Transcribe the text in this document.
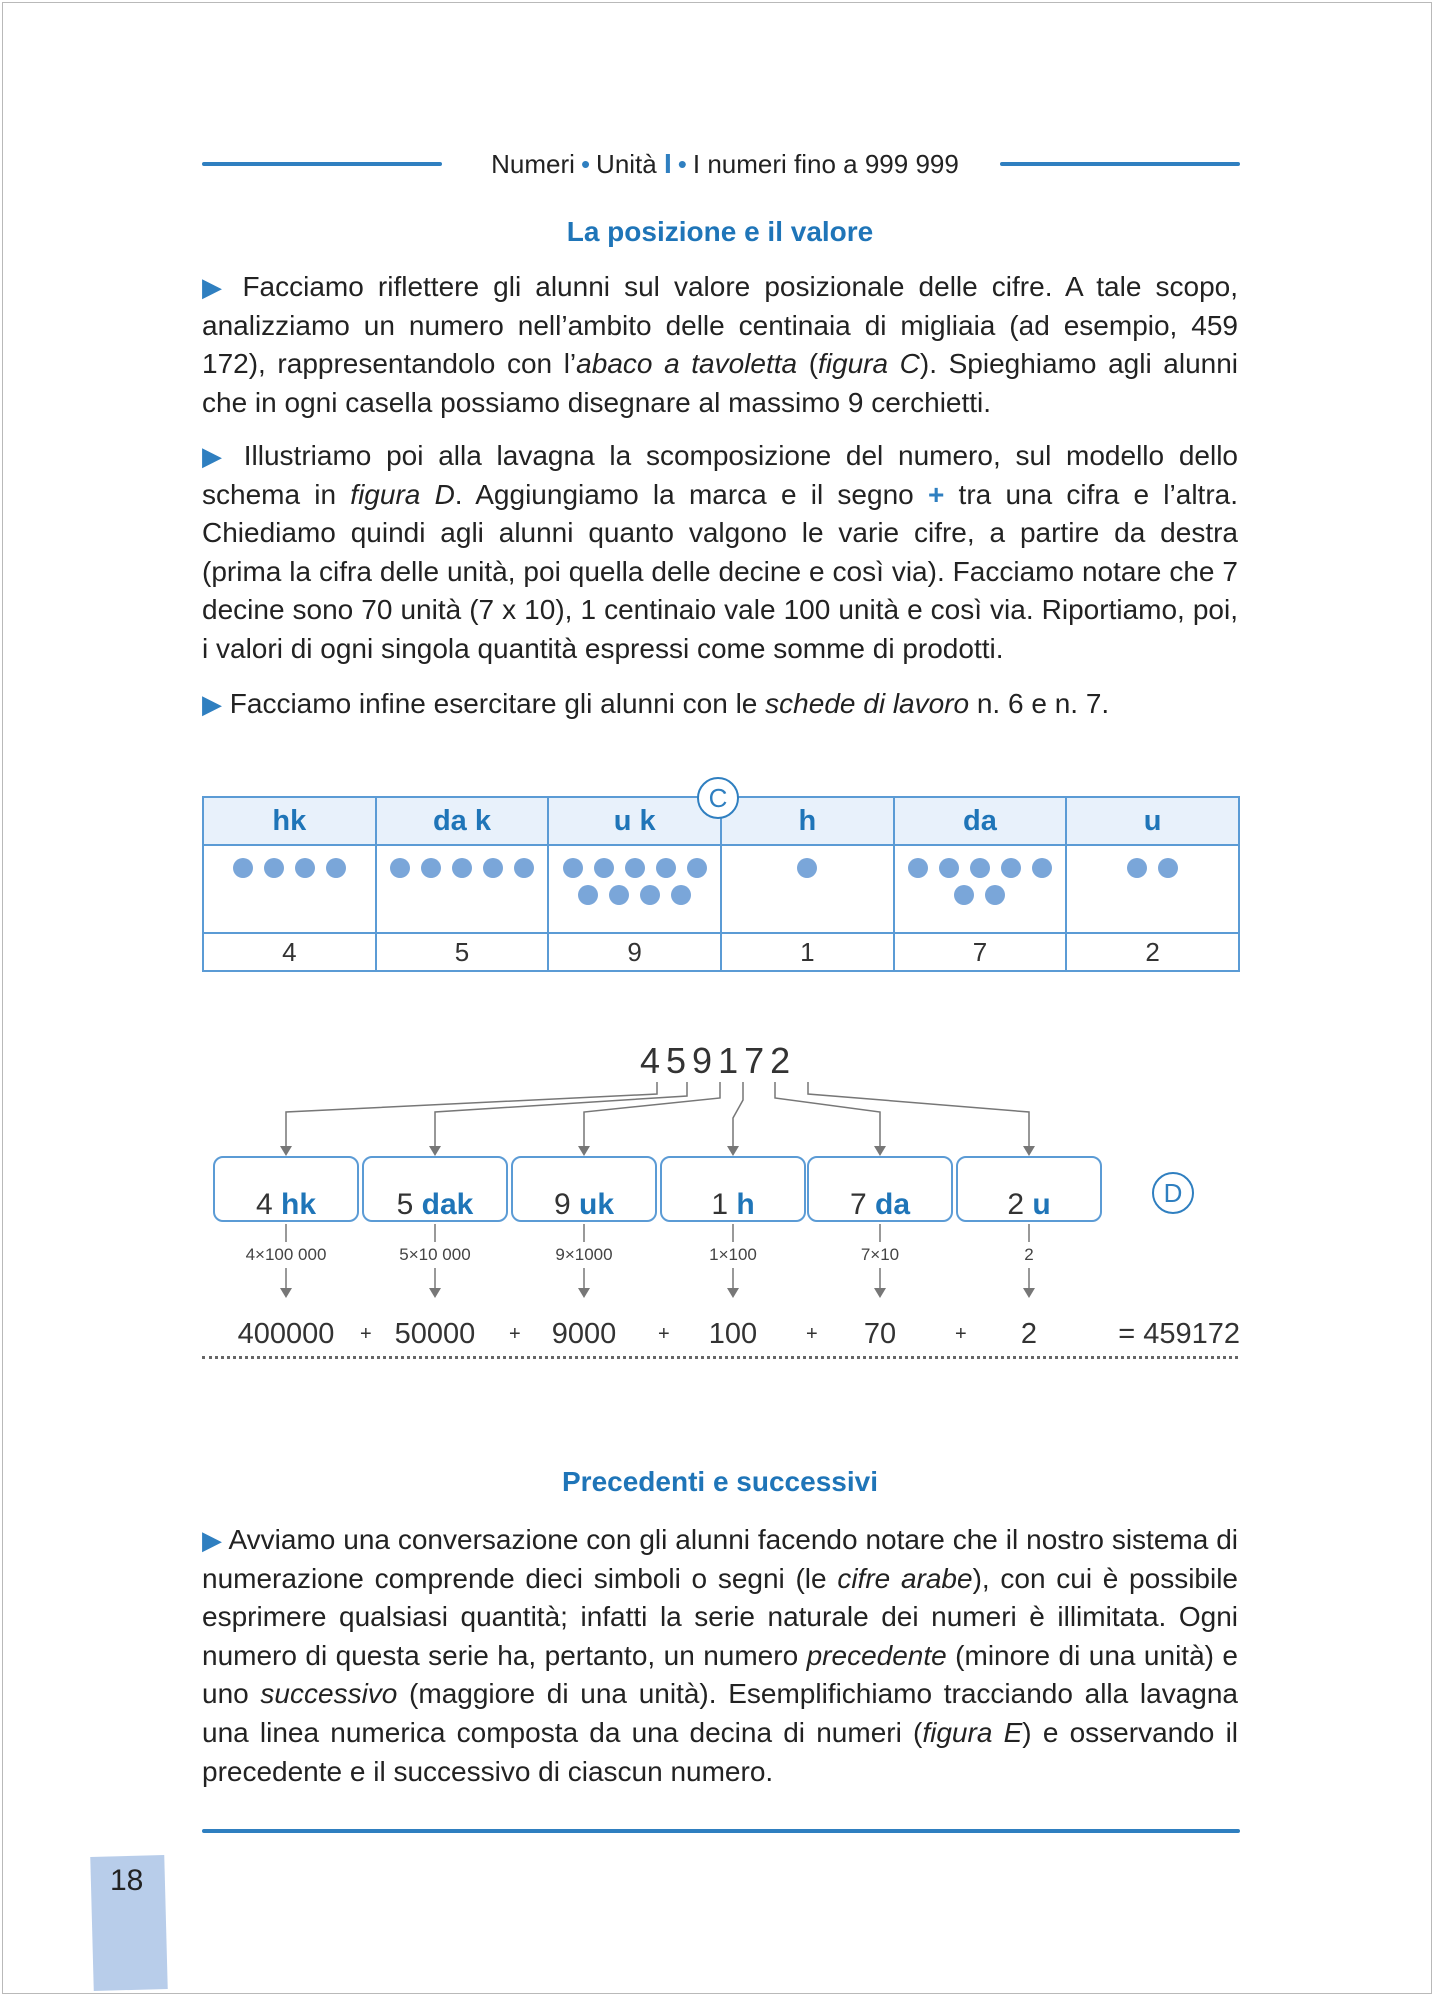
Numeri • Unità I • I numeri fino a 999 999
La posizione e il valore
▶ Facciamo riflettere gli alunni sul valore posizionale delle cifre. A tale scopo, analizziamo un numero nell’ambito delle centinaia di migliaia (ad esempio, 459 172), rappresentandolo con l’abaco a tavoletta (figura C). Spieghiamo agli alunni che in ogni casella possiamo disegnare al massimo 9 cerchietti.
▶ Illustriamo poi alla lavagna la scomposizione del numero, sul modello dello schema in figura D. Aggiungiamo la marca e il segno + tra una cifra e l’altra. Chiediamo quindi agli alunni quanto valgono le varie cifre, a partire da destra (prima la cifra delle unità, poi quella delle decine e così via). Facciamo notare che 7 decine sono 70 unità (7 x 10), 1 centinaio vale 100 unità e così via. Riportiamo, poi, i valori di ogni singola quantità espressi come somme di prodotti.
▶ Facciamo infine esercitare gli alunni con le schede di lavoro n. 6 e n. 7.
hk	da k	u k	h	da	u

4	5	9	1	7	2
C
459172
4 hk	5 dak	9 uk	1 h	7 da	2 u	D
4×100 000	5×10 000	9×1000	1×100	7×10	2
400000	+ 50000	+	9000	+	100	+	70	+	2	= 459172
Precedenti e successivi
▶ Avviamo una conversazione con gli alunni facendo notare che il nostro sistema di numerazione comprende dieci simboli o segni (le cifre arabe), con cui è possibile esprimere qualsiasi quantità; infatti la serie naturale dei numeri è illimitata. Ogni numero di questa serie ha, pertanto, un numero precedente (minore di una unità) e uno successivo (maggiore di una unità). Esemplifichiamo tracciando alla lavagna una linea numerica composta da una decina di numeri (figura E) e osservando il precedente e il successivo di ciascun numero.
18
